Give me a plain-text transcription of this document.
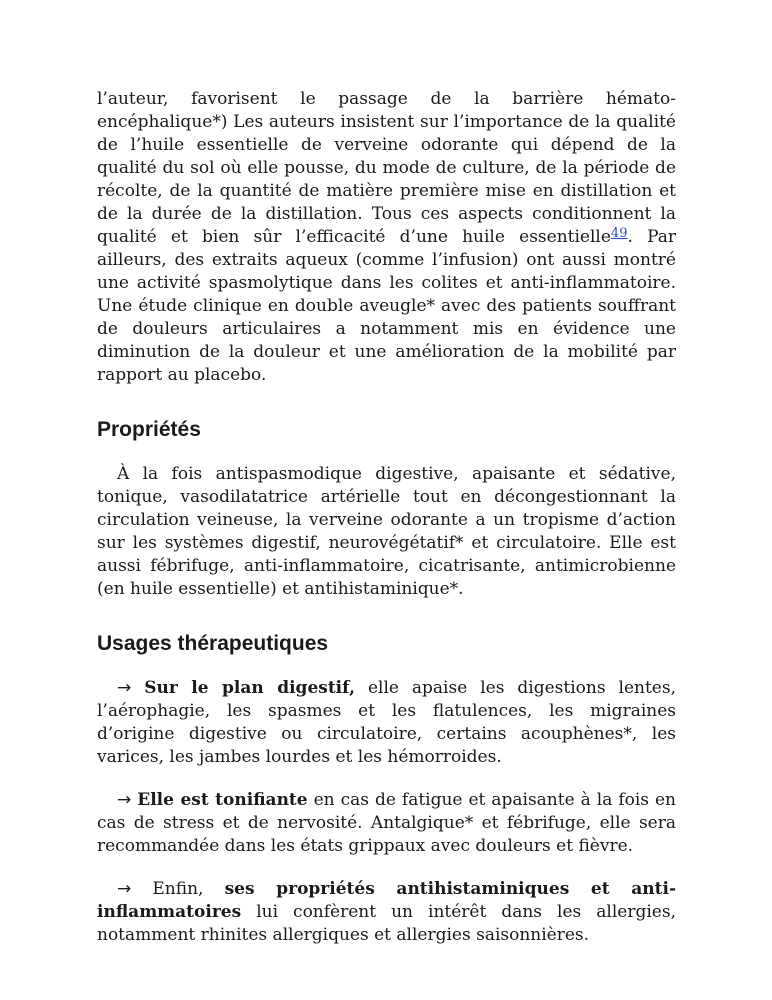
l’auteur, favorisent le passage de la barrière hémato-encéphalique*) Les auteurs insistent sur l’importance de la qualité de l’huile essentielle de verveine odorante qui dépend de la qualité du sol où elle pousse, du mode de culture, de la période de récolte, de la quantité de matière première mise en distillation et de la durée de la distillation. Tous ces aspects conditionnent la qualité et bien sûr l’efficacité d’une huile essentielle$^{49}$. Par ailleurs, des extraits aqueux (comme l’infusion) ont aussi montré une activité spasmolytique dans les colites et anti-inflammatoire. Une étude clinique en double aveugle* avec des patients souffrant de douleurs articulaires a notamment mis en évidence une diminution de la douleur et une amélioration de la mobilité par rapport au placebo.

Propriétés

À la fois antispasmodique digestive, apaisante et sédative, tonique, vasodilatatrice artérielle tout en décongestionnant la circulation veineuse, la verveine odorante a un tropisme d’action sur les systèmes digestif, neurovégétatif* et circulatoire. Elle est aussi fébrifuge, anti-inflammatoire, cicatrisante, antimicrobienne (en huile essentielle) et antihistaminique*.

Usages thérapeutiques

→ Sur le plan digestif, elle apaise les digestions lentes, l’aérophagie, les spasmes et les flatulences, les migraines d’origine digestive ou circulatoire, certains acouphènes*, les varices, les jambes lourdes et les hémorroides.

→ Elle est tonifiante en cas de fatigue et apaisante à la fois en cas de stress et de nervosité. Antalgique* et fébrifuge, elle sera recommandée dans les états grippaux avec douleurs et fièvre.

→ Enfin, ses propriétés antihistaminiques et anti-inflammatoires lui confèrent un intérêt dans les allergies, notamment rhinites allergiques et allergies saisonnières.
